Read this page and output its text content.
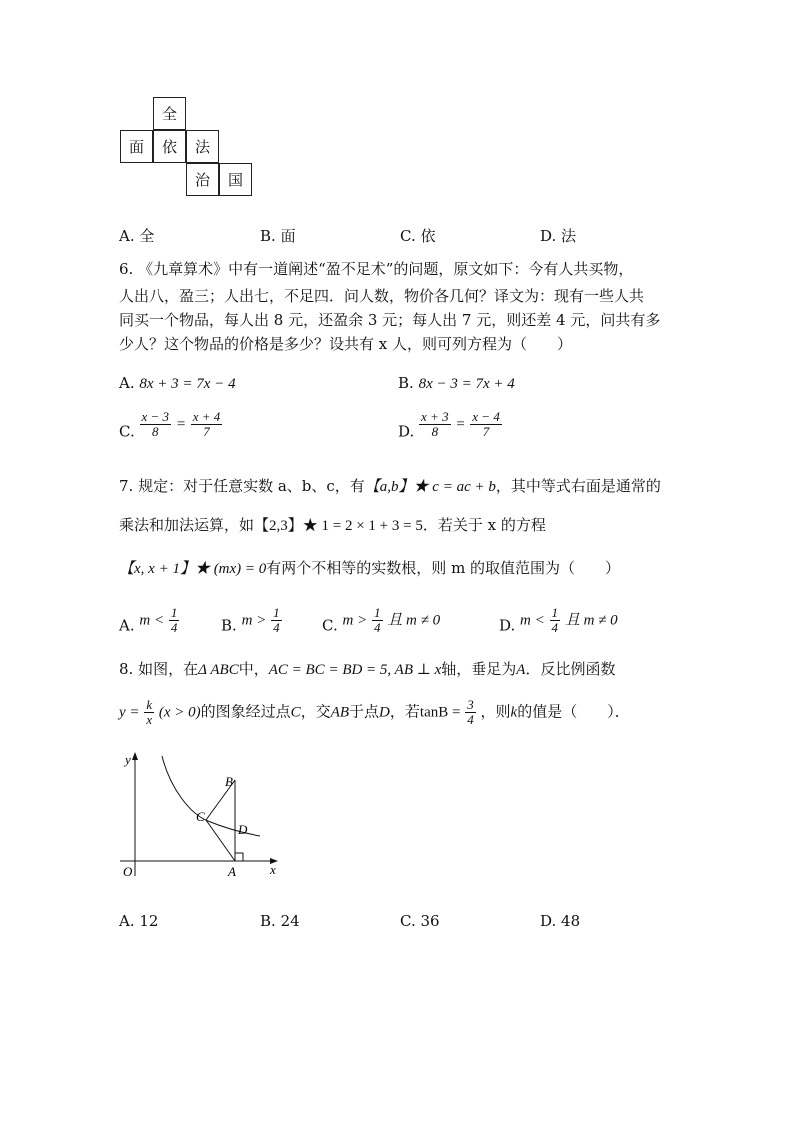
全
面	依	法
治	国
A. 全	B. 面	C. 依	D. 法
6. 《九章算术》中有一道阐述“盈不足术”的问题，原文如下：今有人共买物，
人出八，盈三；人出七，不足四．问人数，物价各几何？译文为：现有一些人共
同买一个物品，每人出 8 元，还盈余 3 元；每人出 7 元，则还差 4 元，问共有多
少人？这个物品的价格是多少？设共有 x 人，则可列方程为（　　）
A. 8x + 3 = 7x − 4	B. 8x − 3 = 7x + 4
C. $\frac{x - 3}{8} = \frac{x + 4}{7}$	D. $\frac{x + 3}{8} = \frac{x - 4}{7}$
7. 规定：对于任意实数 a、b、c，有【a,b】★ c = ac + b，其中等式右面是通常的
乘法和加法运算，如【2,3】★ 1 = 2 × 1 + 3 = 5．若关于 x 的方程
【x, x + 1】★ (mx) = 0有两个不相等的实数根，则 m 的取值范围为（　　）
A. $m < \frac{1}{4}$	B. $m > \frac{1}{4}$	C. $m > \frac{1}{4}$ 且 m ≠ 0	D. $m < \frac{1}{4}$ 且 m ≠ 0
8. 如图，在Δ ABC中，AC = BC = BD = 5, AB ⊥ x轴，垂足为A．反比例函数
$y = \frac{k}{x} (x > 0)$的图象经过点C，交AB于点D，若$\tan B = \frac{3}{4}$ ，则k的值是（　　）．
y
x
O	A
B
C
D
A. 12	B. 24	C. 36	D. 48
